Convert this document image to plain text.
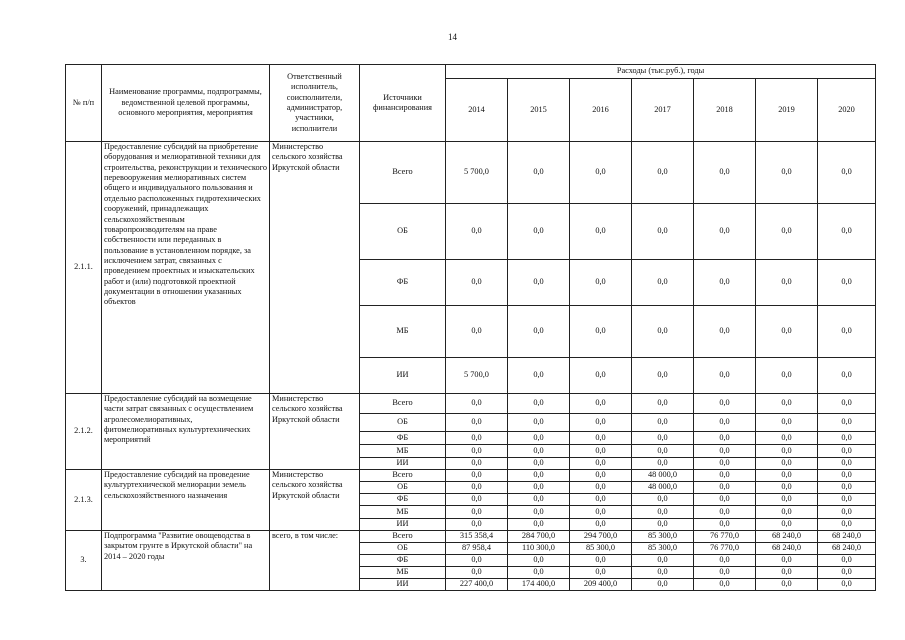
14
№ п/п	Наименование программы, подпрограммы, ведомственной целевой программы, основного мероприятия, мероприятия	Ответственный исполнитель, соисполнители, администратор, участники, исполнители	Источники финансирования	Расходы (тыс.руб.), годы						
				2014	2015	2016	2017	2018	2019	2020
2.1.1.	Предоставление субсидий на приобретение оборудования и мелиоративной техники для строительства, реконструкции и технического перевооружения мелиоративных систем общего и индивидуального пользования и отдельно расположенных гидротехнических сооружений, принадлежащих сельскохозяйственным товаропроизводителям на праве собственности или переданных в пользование в установленном порядке, за исключением затрат, связанных с проведением проектных и изыскательских работ и (или) подготовкой проектной документации в отношении указанных объектов	Министерство сельского хозяйства Иркутской области	Всего	5 700,0	0,0	0,0	0,0	0,0	0,0	0,0
			ОБ	0,0	0,0	0,0	0,0	0,0	0,0	0,0
			ФБ	0,0	0,0	0,0	0,0	0,0	0,0	0,0
			МБ	0,0	0,0	0,0	0,0	0,0	0,0	0,0
			ИИ	5 700,0	0,0	0,0	0,0	0,0	0,0	0,0
2.1.2.	Предоставление субсидий на возмещение части затрат связанных с осуществлением агролесомелиоративных, фитомелиоративных культуртехнических мероприятий	Министерство сельского хозяйства Иркутской области	Всего	0,0	0,0	0,0	0,0	0,0	0,0	0,0
			ОБ	0,0	0,0	0,0	0,0	0,0	0,0	0,0
			ФБ	0,0	0,0	0,0	0,0	0,0	0,0	0,0
			МБ	0,0	0,0	0,0	0,0	0,0	0,0	0,0
			ИИ	0,0	0,0	0,0	0,0	0,0	0,0	0,0
2.1.3.	Предоставление субсидий на проведение культуртехнической мелиорации земель сельскохозяйственного назначения	Министерство сельского хозяйства Иркутской области	Всего	0,0	0,0	0,0	48 000,0	0,0	0,0	0,0
			ОБ	0,0	0,0	0,0	48 000,0	0,0	0,0	0,0
			ФБ	0,0	0,0	0,0	0,0	0,0	0,0	0,0
			МБ	0,0	0,0	0,0	0,0	0,0	0,0	0,0
			ИИ	0,0	0,0	0,0	0,0	0,0	0,0	0,0
3.	Подпрограмма "Развитие овощеводства в закрытом грунте в Иркутской области" на 2014 – 2020 годы	всего, в том числе:	Всего	315 358,4	284 700,0	294 700,0	85 300,0	76 770,0	68 240,0	68 240,0
			ОБ	87 958,4	110 300,0	85 300,0	85 300,0	76 770,0	68 240,0	68 240,0
			ФБ	0,0	0,0	0,0	0,0	0,0	0,0	0,0
			МБ	0,0	0,0	0,0	0,0	0,0	0,0	0,0
			ИИ	227 400,0	174 400,0	209 400,0	0,0	0,0	0,0	0,0
